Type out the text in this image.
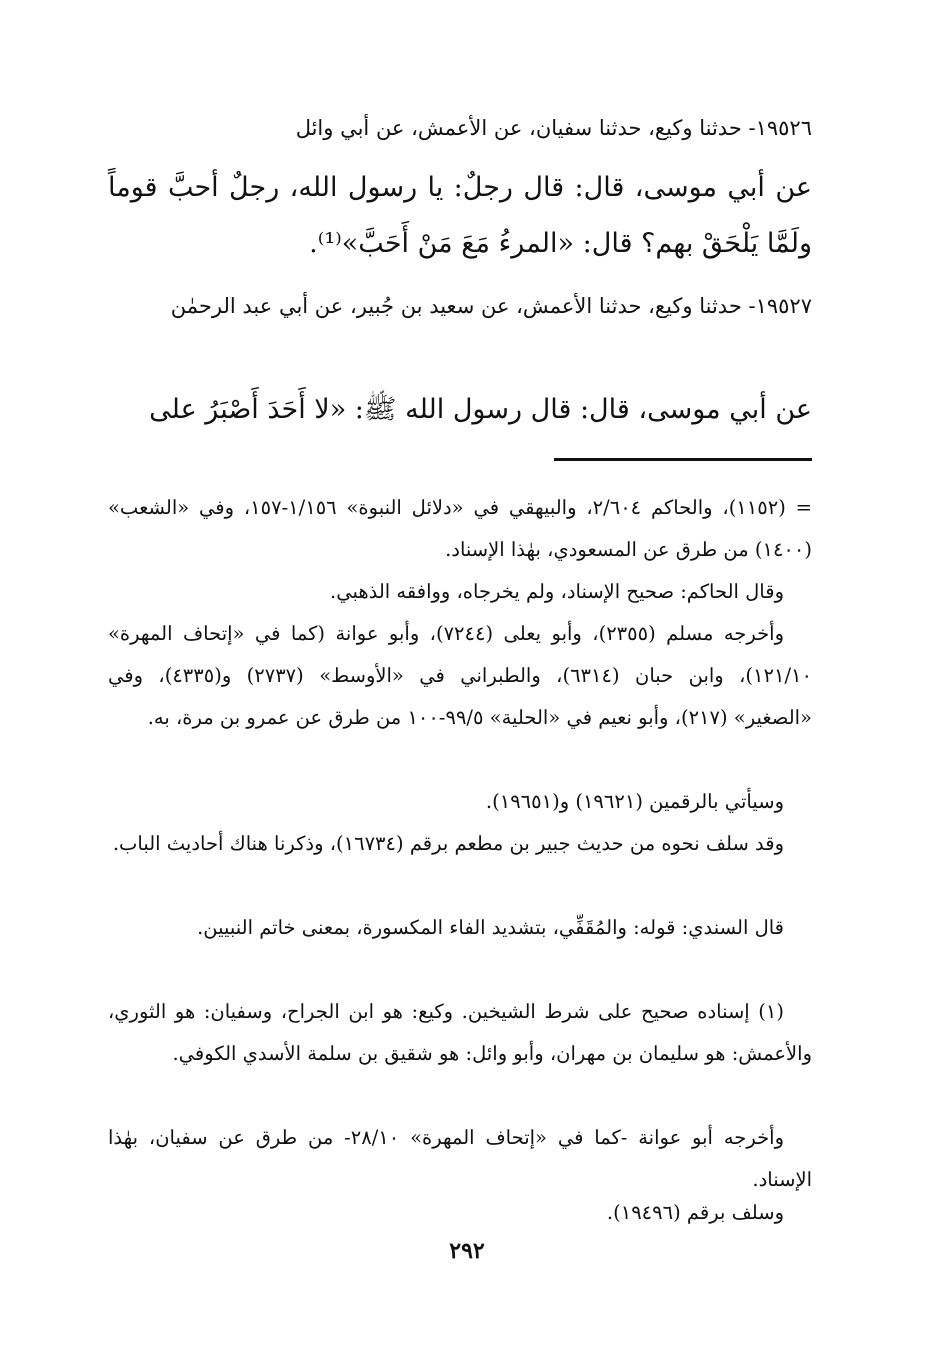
١٩٥٢٦- حدثنا وكيع، حدثنا سفيان، عن الأعمش، عن أبي وائل

عن أبي موسى، قال: قال رجلٌ: يا رسول الله، رجلٌ أحبَّ قوماً ولَمَّا يَلْحَقْ بهم؟ قال: «المرءُ مَعَ مَنْ أَحَبَّ»⁽¹⁾.

١٩٥٢٧- حدثنا وكيع، حدثنا الأعمش، عن سعيد بن جُبير، عن أبي عبد الرحمٰن

عن أبي موسى، قال: قال رسول الله ﷺ: «لا أَحَدَ أَصْبَرُ على

= (١١٥٢)، والحاكم ٢/٦٠٤، والبيهقي في «دلائل النبوة» ١/١٥٦-١٥٧، وفي «الشعب» (١٤٠٠) من طرق عن المسعودي، بهٰذا الإسناد.

وقال الحاكم: صحيح الإسناد، ولم يخرجاه، ووافقه الذهبي.

وأخرجه مسلم (٢٣٥٥)، وأبو يعلى (٧٢٤٤)، وأبو عوانة (كما في «إتحاف المهرة» ١٢١/١٠)، وابن حبان (٦٣١٤)، والطبراني في «الأوسط» (٢٧٣٧) و(٤٣٣٥)، وفي «الصغير» (٢١٧)، وأبو نعيم في «الحلية» ٩٩/٥-١٠٠ من طرق عن عمرو بن مرة، به.

وسيأتي بالرقمين (١٩٦٢١) و(١٩٦٥١).

وقد سلف نحوه من حديث جبير بن مطعم برقم (١٦٧٣٤)، وذكرنا هناك أحاديث الباب.

قال السندي: قوله: والمُقَفِّي، بتشديد الفاء المكسورة، بمعنى خاتم النبيين.

(١) إسناده صحيح على شرط الشيخين. وكيع: هو ابن الجراح، وسفيان: هو الثوري، والأعمش: هو سليمان بن مهران، وأبو وائل: هو شقيق بن سلمة الأسدي الكوفي.

وأخرجه أبو عوانة -كما في «إتحاف المهرة» ٢٨/١٠- من طرق عن سفيان، بهٰذا الإسناد.

وسلف برقم (١٩٤٩٦).

٢٩٢
